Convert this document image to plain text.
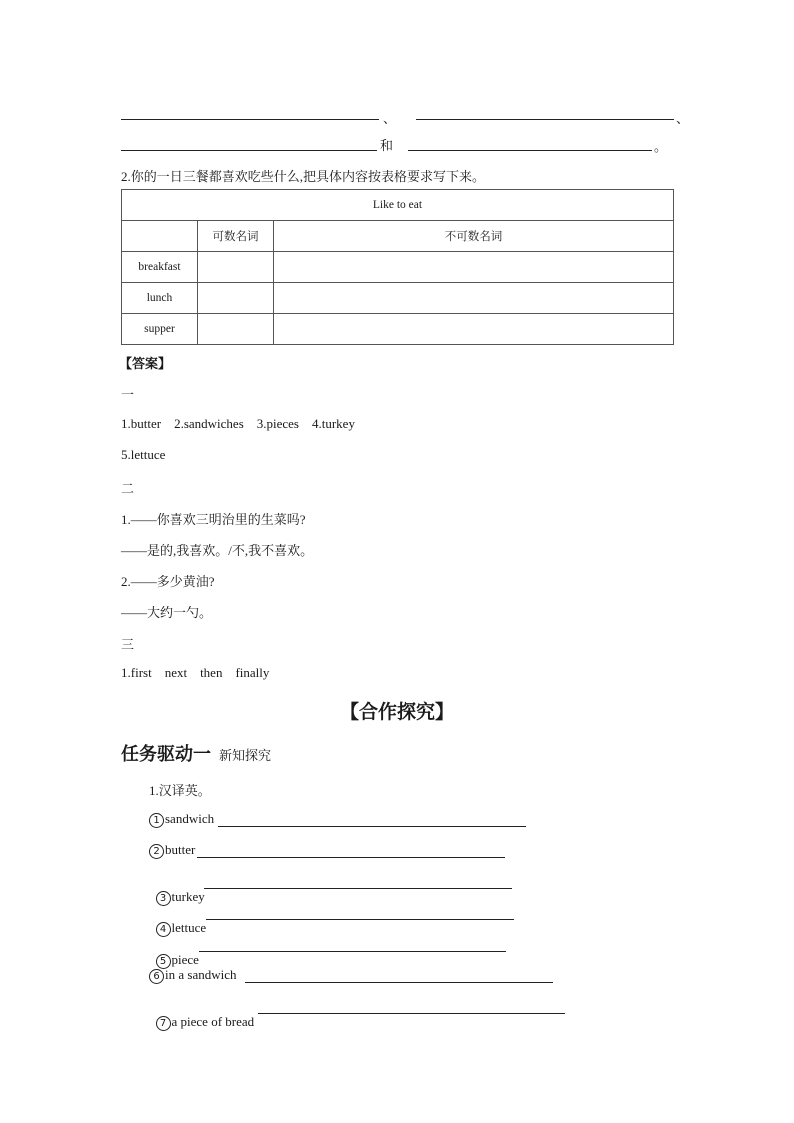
、	、
和	。
2.你的一日三餐都喜欢吃些什么,把具体内容按表格要求写下来。
Like to eat		
	可数名词	不可数名词
breakfast		
lunch		
supper		
【答案】
一
1.butter    2.sandwiches    3.pieces    4.turkey
5.lettuce
二
1.——你喜欢三明治里的生菜吗?
——是的,我喜欢。/不,我不喜欢。
2.——多少黄油?
——大约一勺。
三
1.first    next    then    finally
【合作探究】
任务驱动一 新知探究
1.汉译英。
1 sandwich
2 butter

3 turkey

4 lettuce

5 piece

6 in a sandwich

7 a piece of bread
